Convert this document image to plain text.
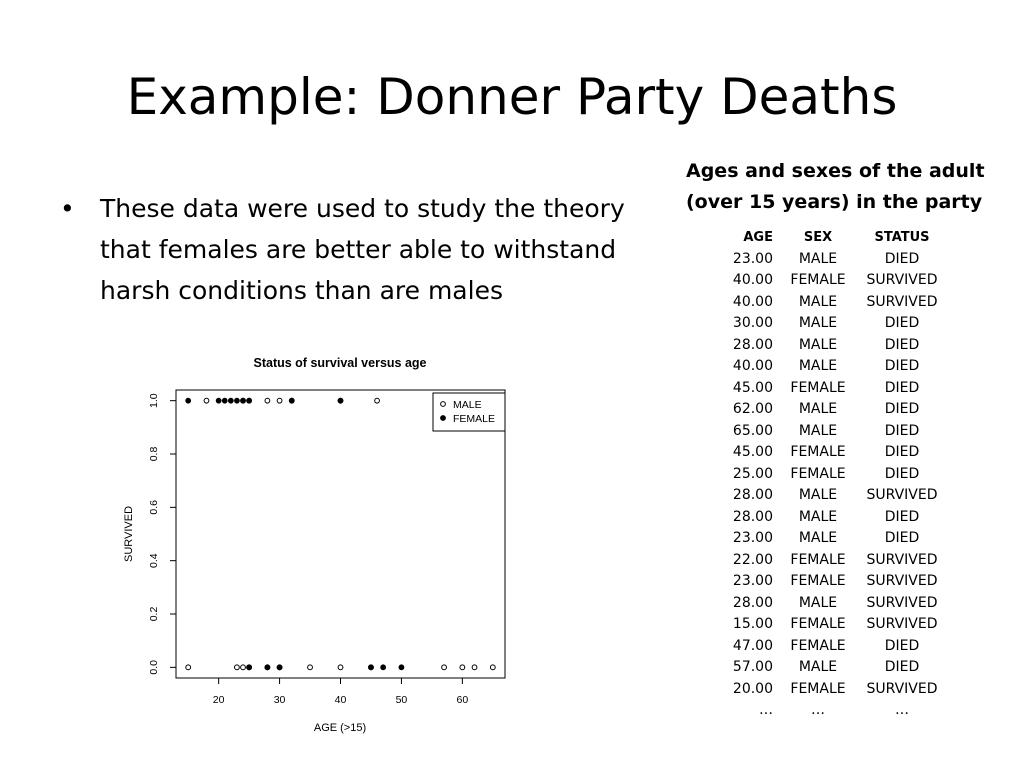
Example: Donner Party Deaths
• These data were used to study the theory that females are better able to withstand harsh conditions than are males
Ages and sexes of the adult (over 15 years) in the party
AGE	SEX	STATUS
23.00	MALE	DIED
40.00	FEMALE	SURVIVED
40.00	MALE	SURVIVED
30.00	MALE	DIED
28.00	MALE	DIED
40.00	MALE	DIED
45.00	FEMALE	DIED
62.00	MALE	DIED
65.00	MALE	DIED
45.00	FEMALE	DIED
25.00	FEMALE	DIED
28.00	MALE	SURVIVED
28.00	MALE	DIED
23.00	MALE	DIED
22.00	FEMALE	SURVIVED
23.00	FEMALE	SURVIVED
28.00	MALE	SURVIVED
15.00	FEMALE	SURVIVED
47.00	FEMALE	DIED
57.00	MALE	DIED
20.00	FEMALE	SURVIVED
…	…	…
Status of survival versus age
AGE (>15)
SURVIVED
20	30	40	50	60
0.0
0.2
0.4
0.6
0.8
1.0	MALE
FEMALE
